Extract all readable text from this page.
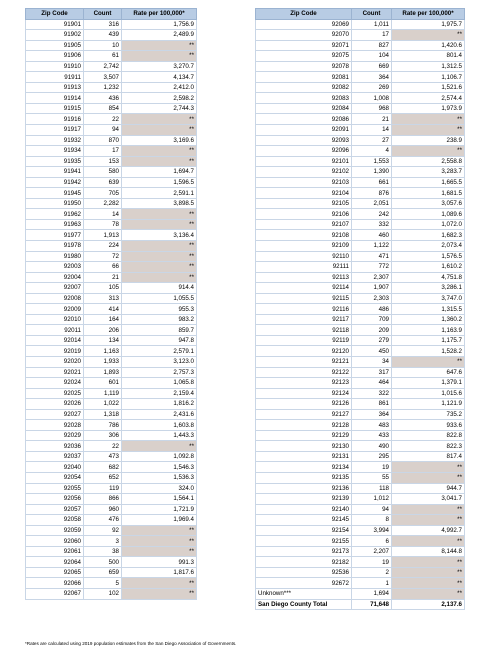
Zip Code	Count	Rate per 100,000*
91901	316	1,756.9
91902	439	2,489.9
91905	10	**
91906	61	**
91910	2,742	3,270.7
91911	3,507	4,134.7
91913	1,232	2,412.0
91914	436	2,598.2
91915	854	2,744.3
91916	22	**
91917	94	**
91932	870	3,169.6
91934	17	**
91935	153	**
91941	580	1,694.7
91942	639	1,596.5
91945	705	2,591.1
91950	2,282	3,898.5
91962	14	**
91963	78	**
91977	1,913	3,136.4
91978	224	**
91980	72	**
92003	66	**
92004	21	**
92007	105	914.4
92008	313	1,055.5
92009	414	955.3
92010	164	983.2
92011	206	859.7
92014	134	947.8
92019	1,163	2,579.1
92020	1,933	3,123.0
92021	1,893	2,757.3
92024	601	1,065.8
92025	1,119	2,159.4
92026	1,022	1,816.2
92027	1,318	2,431.6
92028	786	1,603.8
92029	306	1,443.3
92036	22	**
92037	473	1,092.8
92040	682	1,546.3
92054	652	1,536.3
92055	119	324.0
92056	866	1,564.1
92057	960	1,721.9
92058	476	1,969.4
92059	92	**
92060	3	**
92061	38	**
92064	500	991.3
92065	659	1,817.6
92066	5	**
92067	102	**
Zip Code	Count	Rate per 100,000*
92069	1,011	1,975.7
92070	17	**
92071	827	1,420.6
92075	104	801.4
92078	669	1,312.5
92081	364	1,106.7
92082	269	1,521.6
92083	1,008	2,574.4
92084	968	1,973.9
92086	21	**
92091	14	**
92093	27	238.9
92096	4	**
92101	1,553	2,558.8
92102	1,390	3,283.7
92103	661	1,665.5
92104	876	1,681.5
92105	2,051	3,057.6
92106	242	1,089.6
92107	332	1,072.0
92108	460	1,682.3
92109	1,122	2,073.4
92110	471	1,576.5
92111	772	1,610.2
92113	2,307	4,751.8
92114	1,907	3,286.1
92115	2,303	3,747.0
92116	486	1,315.5
92117	709	1,360.2
92118	209	1,163.9
92119	279	1,175.7
92120	450	1,528.2
92121	34	**
92122	317	647.6
92123	464	1,379.1
92124	322	1,015.6
92126	861	1,121.9
92127	364	735.2
92128	483	933.6
92129	433	822.8
92130	490	822.3
92131	295	817.4
92134	19	**
92135	55	**
92136	118	944.7
92139	1,012	3,041.7
92140	94	**
92145	8	**
92154	3,994	4,992.7
92155	6	**
92173	2,207	8,144.8
92182	19	**
92536	2	**
92672	1	**
Unknown***	1,694	**
San Diego County Total	71,648	2,137.6
*Rates are calculated using 2019 population estimates from the San Diego Association of Governments.
